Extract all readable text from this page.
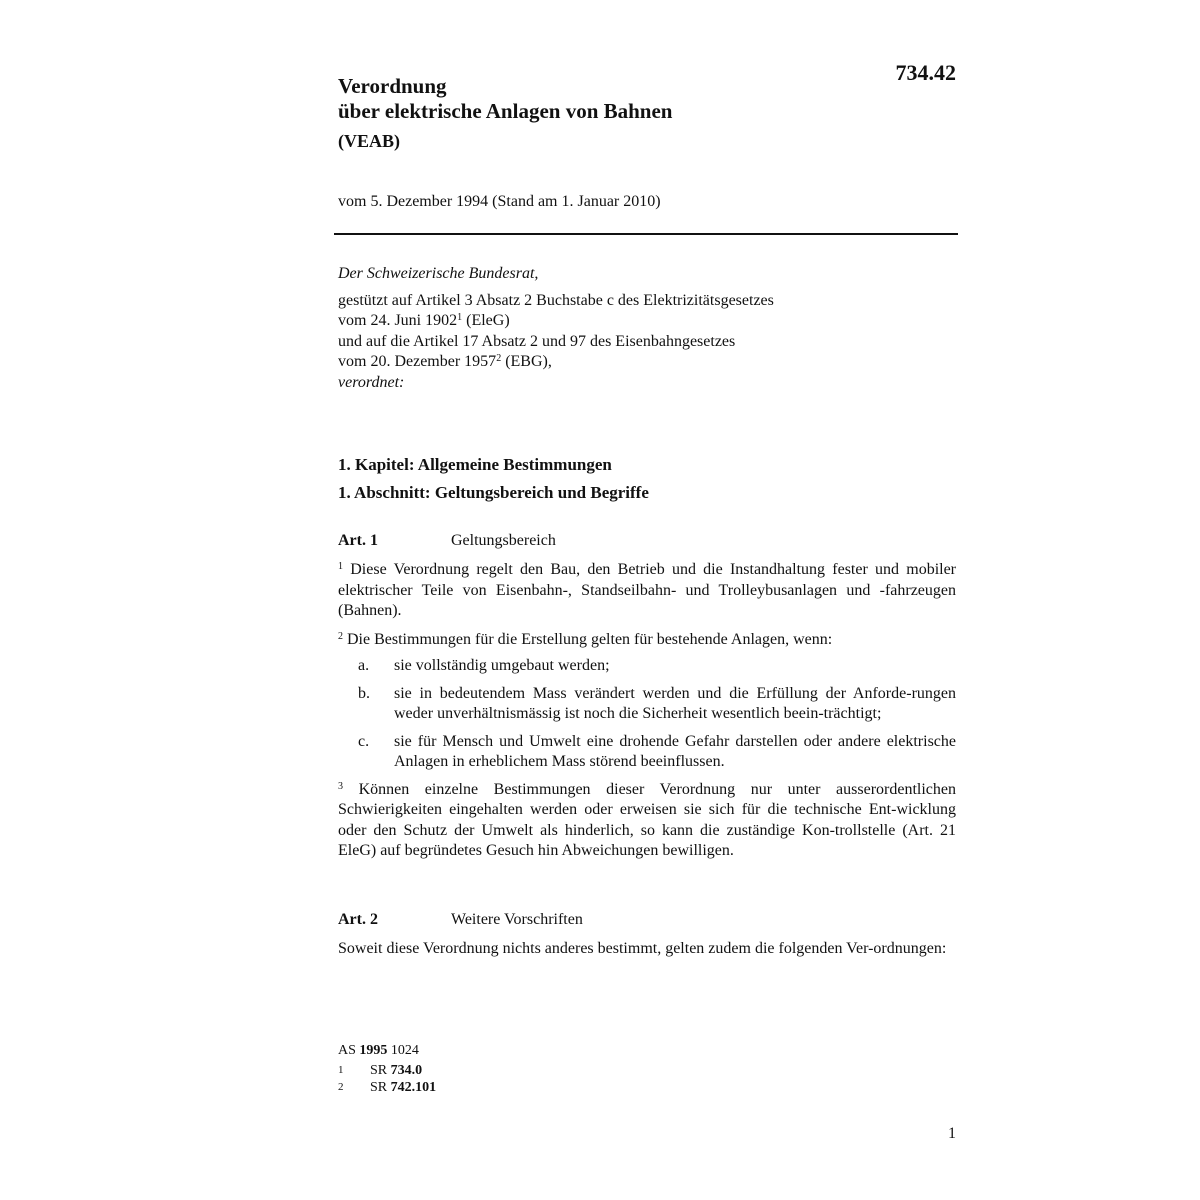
734.42
Verordnung
über elektrische Anlagen von Bahnen
(VEAB)
vom 5. Dezember 1994 (Stand am 1. Januar 2010)
Der Schweizerische Bundesrat,
gestützt auf Artikel 3 Absatz 2 Buchstabe c des Elektrizitätsgesetzes
vom 24. Juni 1902$^1$ (EleG)
und auf die Artikel 17 Absatz 2 und 97 des Eisenbahngesetzes
vom 20. Dezember 1957$^2$ (EBG),
verordnet:
1. Kapitel: Allgemeine Bestimmungen
1. Abschnitt: Geltungsbereich und Begriffe
Art. 1	Geltungsbereich

$^1$ Diese Verordnung regelt den Bau, den Betrieb und die Instandhaltung fester und mobiler elektrischer Teile von Eisenbahn-, Standseilbahn- und Trolleybusanlagen und -fahrzeugen (Bahnen).

$^2$ Die Bestimmungen für die Erstellung gelten für bestehende Anlagen, wenn:

a.	sie vollständig umgebaut werden;
b.	sie in bedeutendem Mass verändert werden und die Erfüllung der Anforde-rungen weder unverhältnismässig ist noch die Sicherheit wesentlich beein-trächtigt;
c.	sie für Mensch und Umwelt eine drohende Gefahr darstellen oder andere elektrische Anlagen in erheblichem Mass störend beeinflussen.

$^3$ Können einzelne Bestimmungen dieser Verordnung nur unter ausserordentlichen Schwierigkeiten eingehalten werden oder erweisen sie sich für die technische Ent-wicklung oder den Schutz der Umwelt als hinderlich, so kann die zuständige Kon-trollstelle (Art. 21 EleG) auf begründetes Gesuch hin Abweichungen bewilligen.

Art. 2	Weitere Vorschriften

Soweit diese Verordnung nichts anderes bestimmt, gelten zudem die folgenden Ver-ordnungen:

AS 1995 1024
1	SR 734.0
2	SR 742.101
1
